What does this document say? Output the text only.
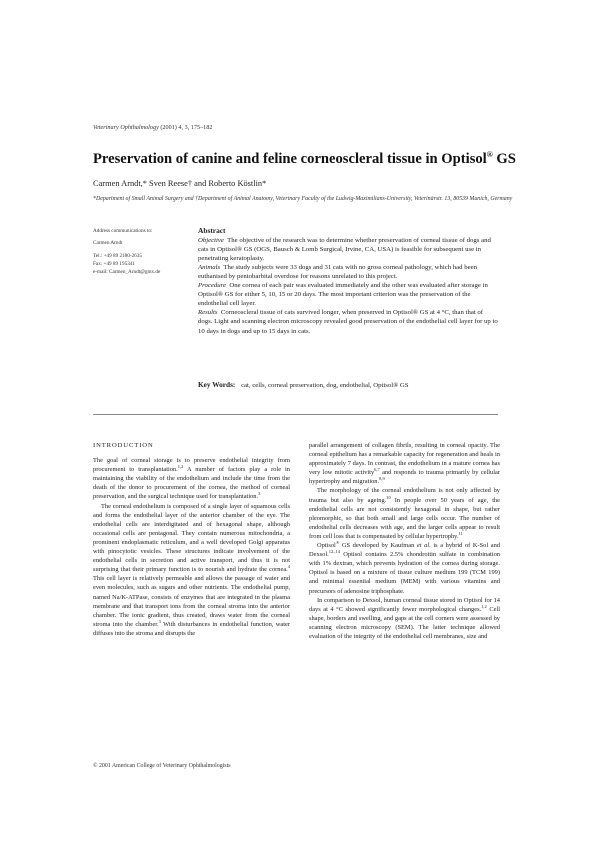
Veterinary Ophthalmology (2001) 4, 3, 175–182
Preservation of canine and feline corneoscleral tissue in Optisol® GS
Carmen Arndt,* Sven Reese† and Roberto Köstlin*
*Department of Small Animal Surgery and †Department of Animal Anatomy, Veterinary Faculty of the Ludwig-Maximilians-University, Veterinärstr. 13, 80539 Munich, Germany
Address communications to:
Carmen Arndt
Tel.: +49 89 2180-2635
Fax: +49 89 195341
e-mail: Carmen_Arndt@gmx.de
Abstract
Objective The objective of the research was to determine whether preservation of corneal tissue of dogs and cats in Optisol® GS (OGS, Bausch & Lomb Surgical, Irvine, CA, USA) is feasible for subsequent use in penetrating keratoplasty.
Animals The study subjects were 33 dogs and 31 cats with no gross corneal pathology, which had been euthanised by pentobarbital overdose for reasons unrelated to this project.
Procedure One cornea of each pair was evaluated immediately and the other was evaluated after storage in Optisol® GS for either 5, 10, 15 or 20 days. The most important criterion was the preservation of the endothelial cell layer.
Results Corneoscleral tissue of cats survived longer, when preserved in Optisol® GS at 4 °C, than that of dogs. Light and scanning electron microscopy revealed good preservation of the endothelial cell layer for up to 10 days in dogs and up to 15 days in cats.
Key Words: cat, cells, corneal preservation, dog, endothelial, Optisol® GS
INTRODUCTION

The goal of corneal storage is to preserve endothelial integrity from procurement to transplantation.$^{1,2}$ A number of factors play a role in maintaining the viability of the endothelium and include the time from the death of the donor to procurement of the cornea, the method of corneal preservation, and the surgical technique used for transplantation.$^3$

The corneal endothelium is composed of a single layer of squamous cells and forms the endothelial layer of the anterior chamber of the eye. The endothelial cells are interdigitated and of hexagonal shape, although occasional cells are pentagonal. They contain numerous mitochondria, a prominent endoplasmatic reticulum, and a well developed Golgi apparatus with pinocytotic vesicles. These structures indicate involvement of the endothelial cells in secretion and active transport, and thus it is not surprising that their primary function is to nourish and hydrate the cornea.$^4$ This cell layer is relatively permeable and allows the passage of water and even molecules, such as sugars and other nutrients. The endothelial pump, named Na/K-ATPase, consists of enzymes that are integrated in the plasma membrane and that transport ions from the corneal stroma into the anterior chamber. The ionic gradient, thus created, draws water from the corneal stroma into the chamber.$^3$ With disturbances in endothelial function, water diffuses into the stroma and disrupts the

parallel arrangement of collagen fibrils, resulting in corneal opacity. The corneal epithelium has a remarkable capacity for regeneration and heals in approximately 7 days. In contrast, the endothelium in a mature cornea has very low mitotic activity$^{6,7}$ and responds to trauma primarily by cellular hypertrophy and migration.$^{8,9}$

The morphology of the corneal endothelium is not only affected by trauma but also by ageing.$^{10}$ In people over 50 years of age, the endothelial cells are not consistently hexagonal in shape, but rather pleomorphic, so that both small and large cells occur. The number of endothelial cells decreases with age, and the larger cells appear to result from cell loss that is compensated by cellular hypertrophy.$^{11}$

Optisol® GS developed by Kaufman et al. is a hybrid of K-Sol and Dexsol.$^{12-14}$ Optisol contains 2.5% chondroitin sulfate in combination with 1% dextran, which prevents hydration of the cornea during storage. Optisol is based on a mixture of tissue culture medium 199 (TCM 199) and minimal essential medium (MEM) with various vitamins and precursors of adenosine triphosphate.

In comparison to Dexsol, human corneal tissue stored in Optisol for 14 days at 4 °C showed significantly fewer morphological changes.$^{1,2}$ Cell shape, borders and swelling, and gaps at the cell corners were assessed by scanning electron microscopy (SEM). The latter technique allowed evaluation of the integrity of the endothelial cell membranes, size and

© 2001 American College of Veterinary Ophthalmologists
